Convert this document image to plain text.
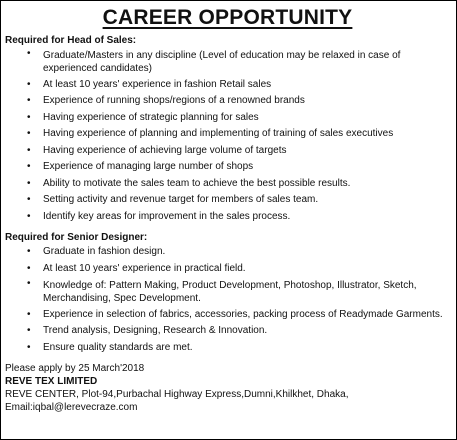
CAREER OPPORTUNITY
Required for Head of Sales:
• Graduate/Masters in any discipline (Level of education may be relaxed in case of experienced candidates)
• At least 10 years' experience in fashion Retail sales
• Experience of running shops/regions of a renowned brands
• Having experience of strategic planning for sales
• Having experience of planning and implementing of training of sales executives
• Having experience of achieving large volume of targets
• Experience of managing large number of shops
• Ability to motivate the sales team to achieve the best possible results.
• Setting activity and revenue target for members of sales team.
• Identify key areas for improvement in the sales process.
Required for Senior Designer:
• Graduate in fashion design.
• At least 10 years' experience in practical field.
• Knowledge of: Pattern Making, Product Development, Photoshop, Illustrator, Sketch, Merchandising, Spec Development.
• Experience in selection of fabrics, accessories, packing process of Readymade Garments.
• Trend analysis, Designing, Research & Innovation.
• Ensure quality standards are met.

Please apply by 25 March'2018

REVE TEX LIMITED

REVE CENTER, Plot-94,Purbachal Highway Express,Dumni,Khilkhet, Dhaka, Email:iqbal@lerevecraze.com
